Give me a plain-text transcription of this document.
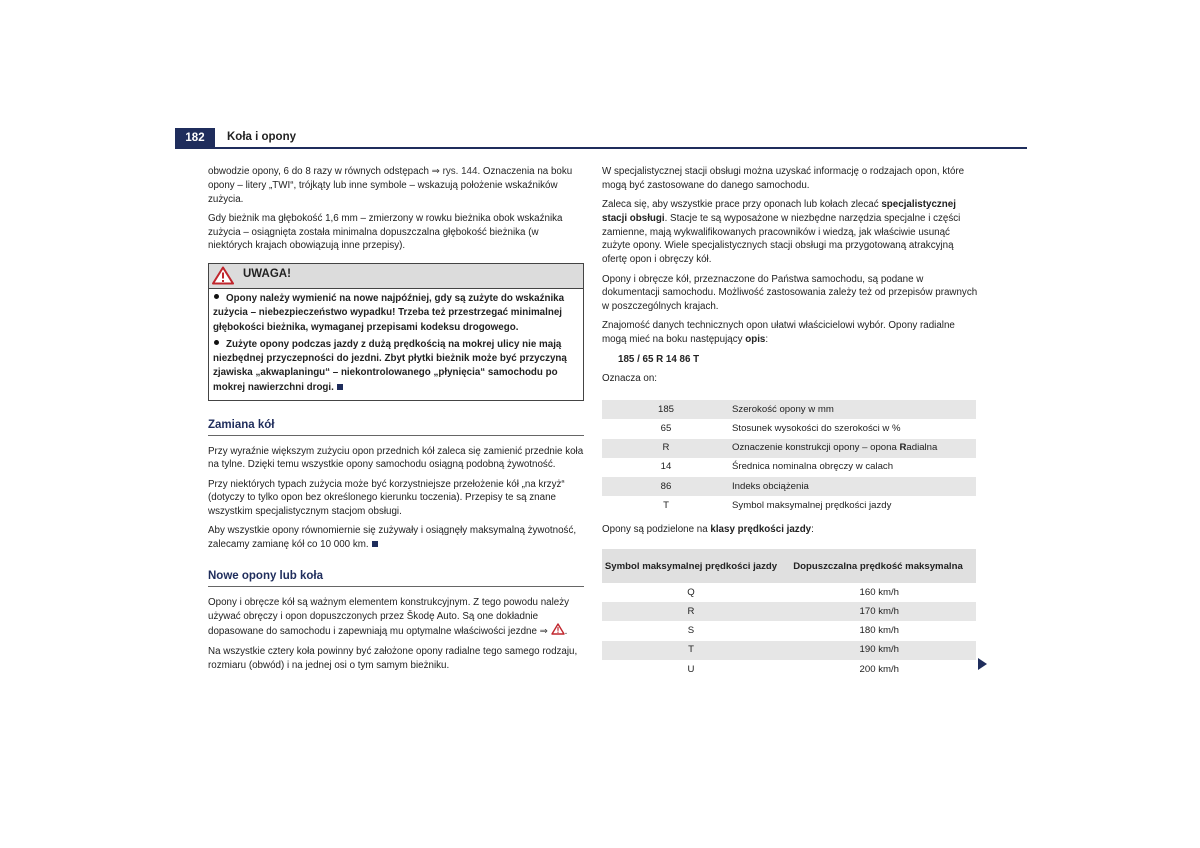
182	Koła i opony

obwodzie opony, 6 do 8 razy w równych odstępach ⇒ rys. 144. Oznaczenia na boku opony – litery „TWI“, trójkąty lub inne symbole – wskazują położenie wskaźników zużycia.

Gdy bieżnik ma głębokość 1,6 mm – zmierzony w rowku bieżnika obok wskaźnika zużycia – osiągnięta została minimalna dopuszczalna głębokość bieżnika (w niektórych krajach obowiązują inne przepisy).

UWAGA!

Opony należy wymienić na nowe najpóźniej, gdy są zużyte do wskaźnika zużycia – niebezpieczeństwo wypadku! Trzeba też przestrzegać minimalnej głębokości bieżnika, wymaganej przepisami kodeksu drogowego.

Zużyte opony podczas jazdy z dużą prędkością na mokrej ulicy nie mają niezbędnej przyczepności do jezdni. Zbyt płytki bieżnik może być przyczyną zjawiska „akwaplaningu“ – niekontrolowanego „płynięcia“ samochodu po mokrej nawierzchni drogi.

Zamiana kół

Przy wyraźnie większym zużyciu opon przednich kół zaleca się zamienić przednie koła na tylne. Dzięki temu wszystkie opony samochodu osiągną podobną żywotność.

Przy niektórych typach zużycia może być korzystniejsze przełożenie kół „na krzyż“ (dotyczy to tylko opon bez określonego kierunku toczenia). Przepisy te są znane wszystkim specjalistycznym stacjom obsługi.

Aby wszystkie opony równomiernie się zużywały i osiągnęły maksymalną żywotność, zalecamy zamianę kół co 10 000 km.

Nowe opony lub koła

Opony i obręcze kół są ważnym elementem konstrukcyjnym. Z tego powodu należy używać obręczy i opon dopuszczonych przez Škodę Auto. Są one dokładnie dopasowane do samochodu i zapewniają mu optymalne właściwości jezdne ⇒ .

Na wszystkie cztery koła powinny być założone opony radialne tego samego rodzaju, rozmiaru (obwód) i na jednej osi o tym samym bieżniku.

W specjalistycznej stacji obsługi można uzyskać informację o rodzajach opon, które mogą być zastosowane do danego samochodu.

Zaleca się, aby wszystkie prace przy oponach lub kołach zlecać specjalistycznej stacji obsługi. Stacje te są wyposażone w niezbędne narzędzia specjalne i części zamienne, mają wykwalifikowanych pracowników i wiedzą, jak właściwie usunąć zużyte opony. Wiele specjalistycznych stacji obsługi ma przygotowaną atrakcyjną ofertę opon i obręczy kół.

Opony i obręcze kół, przeznaczone do Państwa samochodu, są podane w dokumentacji samochodu. Możliwość zastosowania zależy też od przepisów prawnych w poszczególnych krajach.

Znajomość danych technicznych opon ułatwi właścicielowi wybór. Opony radialne mogą mieć na boku następujący opis:

185 / 65 R 14 86 T

Oznacza on:

185	Szerokość opony w mm
65	Stosunek wysokości do szerokości w %
R	Oznaczenie konstrukcji opony – opona Radialna
14	Średnica nominalna obręczy w calach
86	Indeks obciążenia
T	Symbol maksymalnej prędkości jazdy

Opony są podzielone na klasy prędkości jazdy:

Symbol maksymalnej prędkości jazdy	Dopuszczalna prędkość maksymalna
Q	160 km/h
R	170 km/h
S	180 km/h
T	190 km/h
U	200 km/h
